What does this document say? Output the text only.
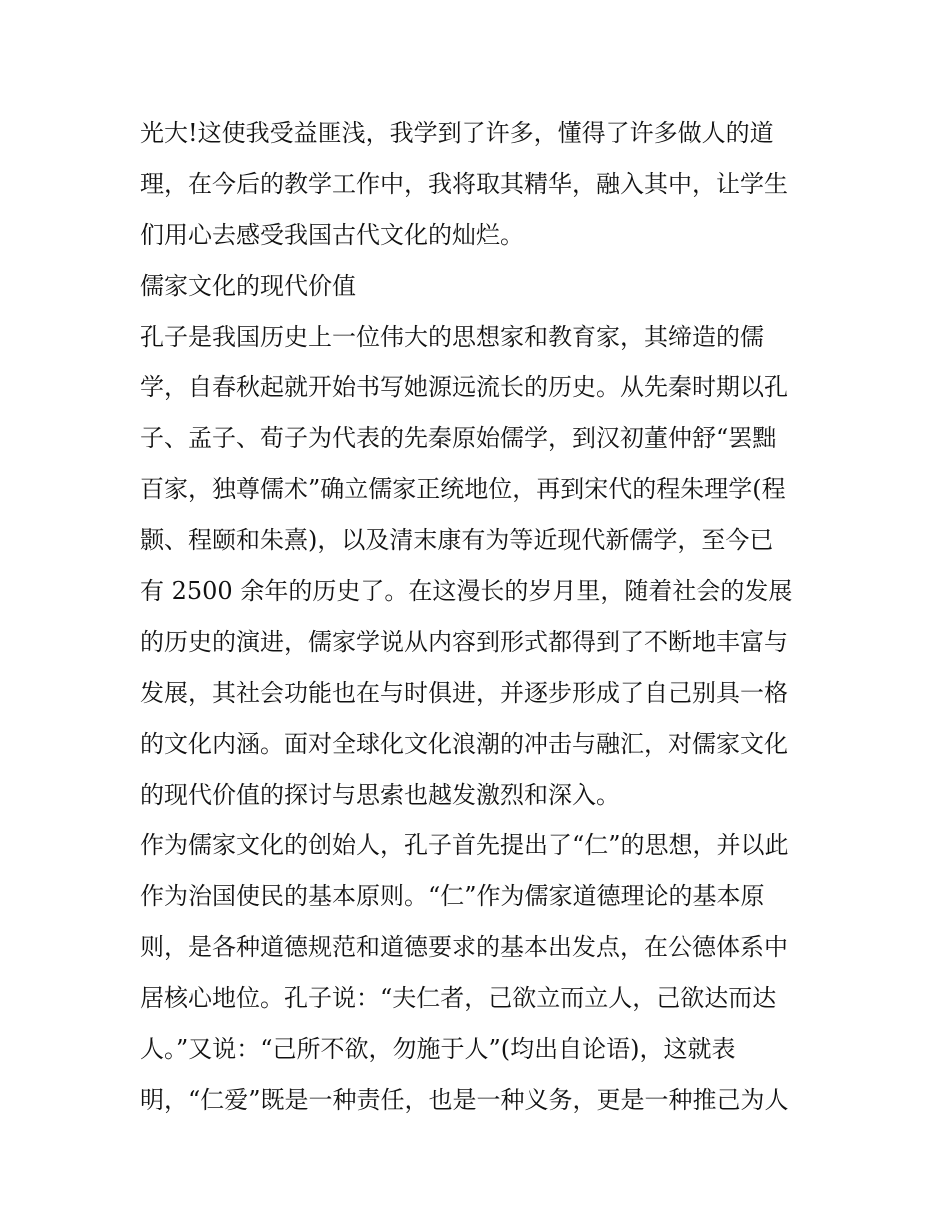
光大!这使我受益匪浅，我学到了许多，懂得了许多做人的道
理，在今后的教学工作中，我将取其精华，融入其中，让学生
们用心去感受我国古代文化的灿烂。
儒家文化的现代价值
孔子是我国历史上一位伟大的思想家和教育家，其缔造的儒
学，自春秋起就开始书写她源远流长的历史。从先秦时期以孔
子、孟子、荀子为代表的先秦原始儒学，到汉初董仲舒“罢黜
百家，独尊儒术”确立儒家正统地位，再到宋代的程朱理学(程
颢、程颐和朱熹)，以及清末康有为等近现代新儒学，至今已
有 2500 余年的历史了。在这漫长的岁月里，随着社会的发展
的历史的演进，儒家学说从内容到形式都得到了不断地丰富与
发展，其社会功能也在与时俱进，并逐步形成了自己别具一格
的文化内涵。面对全球化文化浪潮的冲击与融汇，对儒家文化
的现代价值的探讨与思索也越发激烈和深入。
作为儒家文化的创始人，孔子首先提出了“仁”的思想，并以此
作为治国使民的基本原则。“仁”作为儒家道德理论的基本原
则，是各种道德规范和道德要求的基本出发点，在公德体系中
居核心地位。孔子说：“夫仁者，己欲立而立人，己欲达而达
人。”又说：“己所不欲，勿施于人”(均出自论语)，这就表
明，“仁爱”既是一种责任，也是一种义务，更是一种推己为人
